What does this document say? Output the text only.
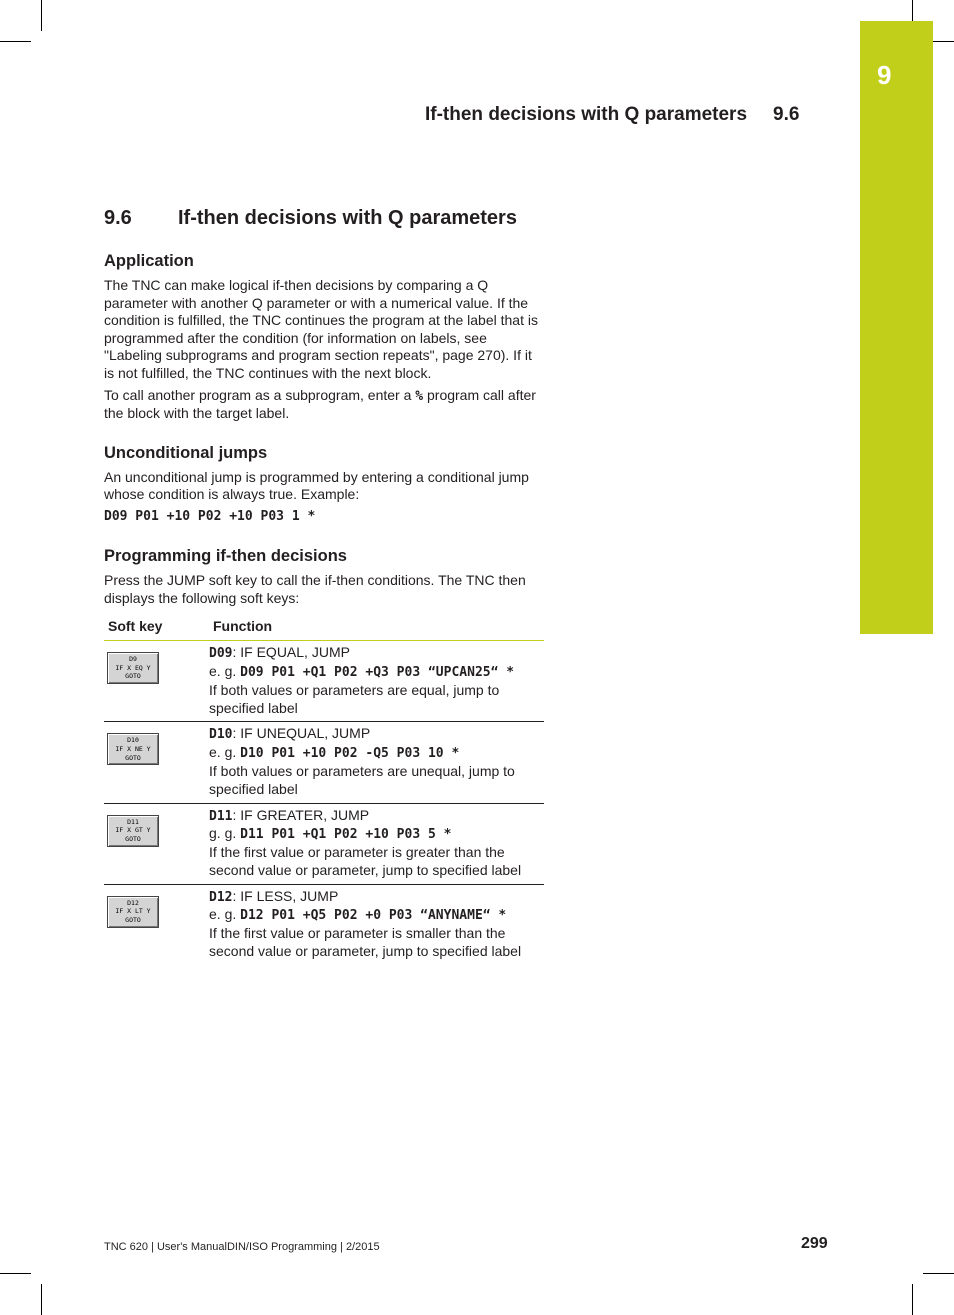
9
If-then decisions with Q parameters 9.6
9.6	If-then decisions with Q parameters
Application

The TNC can make logical if-then decisions by comparing a Q parameter with another Q parameter or with a numerical value. If the condition is fulfilled, the TNC continues the program at the label that is programmed after the condition (for information on labels, see "Labeling subprograms and program section repeats", page 270). If it is not fulfilled, the TNC continues with the next block.

To call another program as a subprogram, enter a % program call after the block with the target label.

Unconditional jumps

An unconditional jump is programmed by entering a conditional jump whose condition is always true. Example:

D09 P01 +10 P02 +10 P03 1 *

Programming if-then decisions

Press the JUMP soft key to call the if-then conditions. The TNC then displays the following soft keys:

Soft key	Function
D9
IF X EQ Y
GOTO
D09: IF EQUAL, JUMP
e. g. D09 P01 +Q1 P02 +Q3 P03 “UPCAN25“ *
If both values or parameters are equal, jump to specified label
D10
IF X NE Y
GOTO
D10: IF UNEQUAL, JUMP
e. g. D10 P01 +10 P02 -Q5 P03 10 *
If both values or parameters are unequal, jump to specified label
D11
IF X GT Y
GOTO
D11: IF GREATER, JUMP
g. g. D11 P01 +Q1 P02 +10 P03 5 *
If the first value or parameter is greater than the second value or parameter, jump to specified label
D12
IF X LT Y
GOTO
D12: IF LESS, JUMP
e. g. D12 P01 +Q5 P02 +0 P03 “ANYNAME“ *
If the first value or parameter is smaller than the second value or parameter, jump to specified label
TNC 620 | User's ManualDIN/ISO Programming | 2/2015	299
